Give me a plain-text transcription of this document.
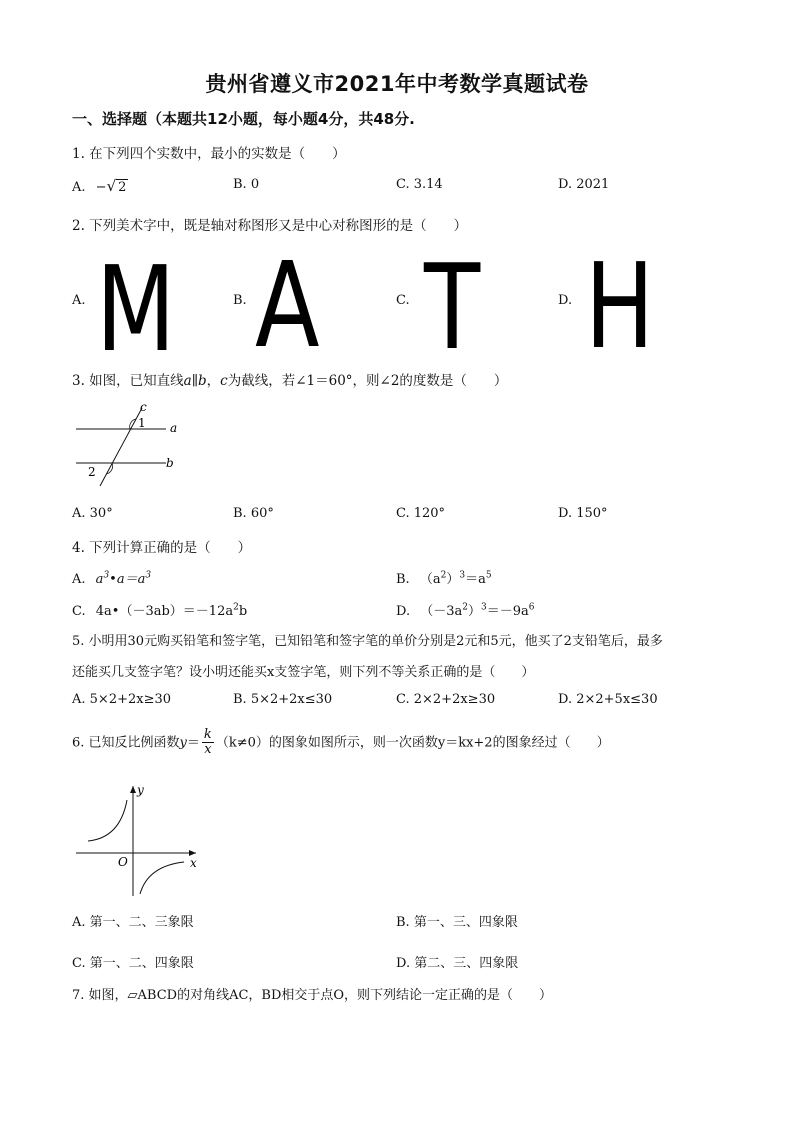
贵州省遵义市2021年中考数学真题试卷
一、选择题（本题共12小题，每小题4分，共48分.
1. 在下列四个实数中，最小的实数是（　　）
A. −√ 2	B. 0	C. 3.14	D. 2021
2. 下列美术字中，既是轴对称图形又是中心对称图形的是（　　）
A. M	B. A	C. T	D. H
3. 如图，已知直线a∥b，c为截线，若∠1＝60°，则∠2的度数是（　　）
c
a
b
1
2
A. 30°	B. 60°	C. 120°	D. 150°
4. 下列计算正确的是（　　）
A. $a^3•a=a^3$	B. $(a^2)^3=a^5$
C. $4a•(-3ab)=-12a^2b$	D. $(-3a^2)^3=-9a^6$
5. 小明用30元购买铅笔和签字笔，已知铅笔和签字笔的单价分别是2元和5元，他买了2支铅笔后，最多
还能买几支签字笔？设小明还能买x支签字笔，则下列不等关系正确的是（　　）
A. 5×2+2x≥30	B. 5×2+2x≤30	C. 2×2+2x≥30	D. 2×2+5x≤30
6. 已知反比例函数$y= \frac{k}{x} (k\ne 0)$的图象如图所示，则一次函数y＝kx+2的图象经过（　　）
y
x
O
A. 第一、二、三象限	B. 第一、三、四象限
C. 第一、二、四象限	D. 第二、三、四象限
7. 如图，▱ABCD的对角线AC，BD相交于点O，则下列结论一定正确的是（　　）
